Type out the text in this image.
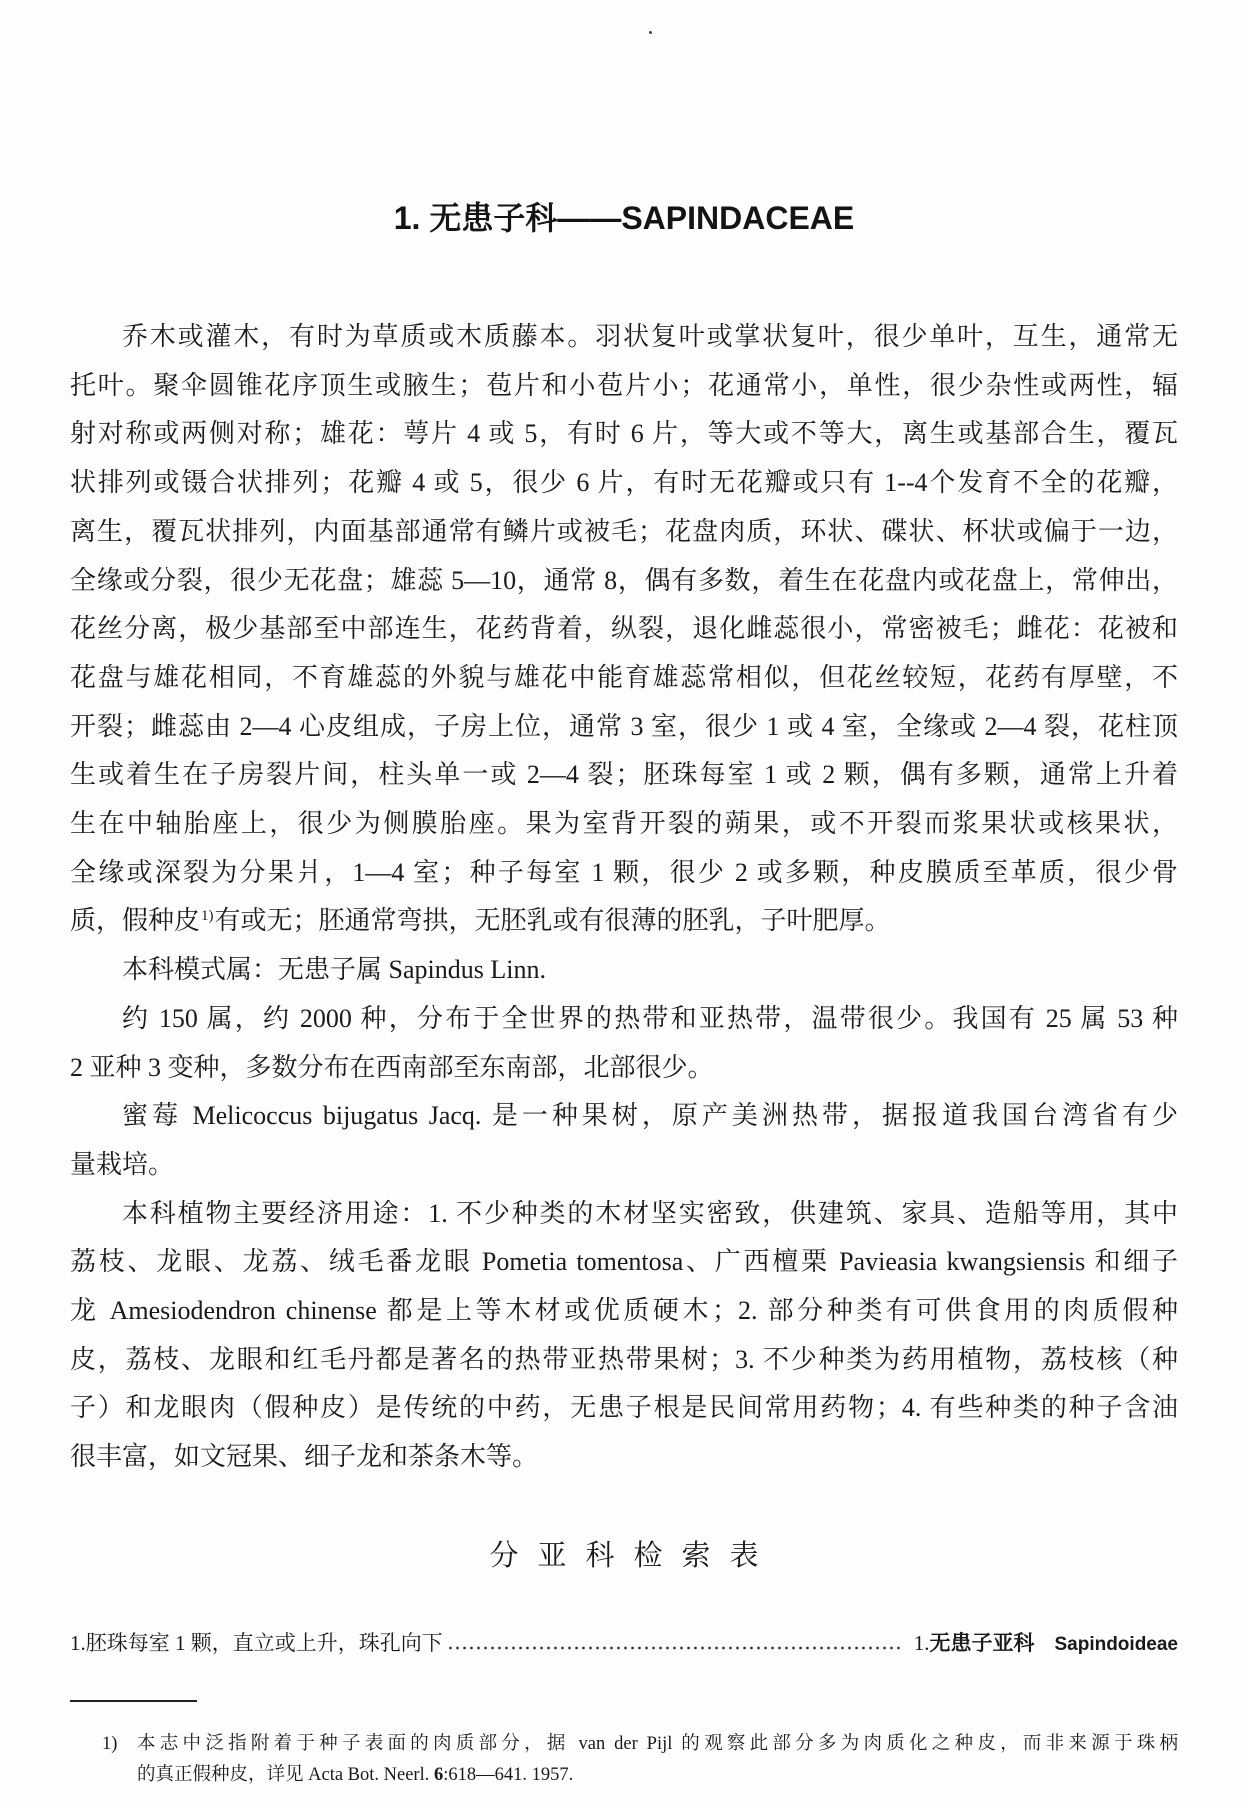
1. 无患子科——SAPINDACEAE
乔木或灌木，有时为草质或木质藤本。羽状复叶或掌状复叶，很少单叶，互生，通常无
托叶。聚伞圆锥花序顶生或腋生；苞片和小苞片小；花通常小，单性，很少杂性或两性，辐
射对称或两侧对称；雄花：萼片 4 或 5，有时 6 片，等大或不等大，离生或基部合生，覆瓦
状排列或镊合状排列；花瓣 4 或 5，很少 6 片，有时无花瓣或只有 1--4个发育不全的花瓣，
离生，覆瓦状排列，内面基部通常有鳞片或被毛；花盘肉质，环状、碟状、杯状或偏于一边，
全缘或分裂，很少无花盘；雄蕊 5—10，通常 8，偶有多数，着生在花盘内或花盘上，常伸出，
花丝分离，极少基部至中部连生，花药背着，纵裂，退化雌蕊很小，常密被毛；雌花：花被和
花盘与雄花相同，不育雄蕊的外貌与雄花中能育雄蕊常相似，但花丝较短，花药有厚壁，不
开裂；雌蕊由 2—4 心皮组成，子房上位，通常 3 室，很少 1 或 4 室，全缘或 2—4 裂，花柱顶
生或着生在子房裂片间，柱头单一或 2—4 裂；胚珠每室 1 或 2 颗，偶有多颗，通常上升着
生在中轴胎座上，很少为侧膜胎座。果为室背开裂的蒴果，或不开裂而浆果状或核果状，
全缘或深裂为分果爿，1—4 室；种子每室 1 颗，很少 2 或多颗，种皮膜质至革质，很少骨
质，假种皮$^{1)}$有或无；胚通常弯拱，无胚乳或有很薄的胚乳，子叶肥厚。
本科模式属：无患子属 Sapindus Linn.
约 150 属，约 2000 种，分布于全世界的热带和亚热带，温带很少。我国有 25 属 53 种
2 亚种 3 变种，多数分布在西南部至东南部，北部很少。
蜜莓 Melicoccus bijugatus Jacq. 是一种果树，原产美洲热带，据报道我国台湾省有少
量栽培。
本科植物主要经济用途：1. 不少种类的木材坚实密致，供建筑、家具、造船等用，其中
荔枝、龙眼、龙荔、绒毛番龙眼 Pometia tomentosa、广西檀栗 Pavieasia kwangsiensis 和细子
龙 Amesiodendron chinense 都是上等木材或优质硬木；2. 部分种类有可供食用的肉质假种
皮，荔枝、龙眼和红毛丹都是著名的热带亚热带果树；3. 不少种类为药用植物，荔枝核（种
子）和龙眼肉（假种皮）是传统的中药，无患子根是民间常用药物；4. 有些种类的种子含油
很丰富，如文冠果、细子龙和茶条木等。
分亚科检索表
1.胚珠每室 1 颗，直立或上升，珠孔向下	1.无患子亚科 Sapindoideae
1) 本志中泛指附着于种子表面的肉质部分，据 van der Pijl 的观察此部分多为肉质化之种皮，而非来源于珠柄
的真正假种皮，详见 Acta Bot. Neerl. 6:618—641. 1957.
